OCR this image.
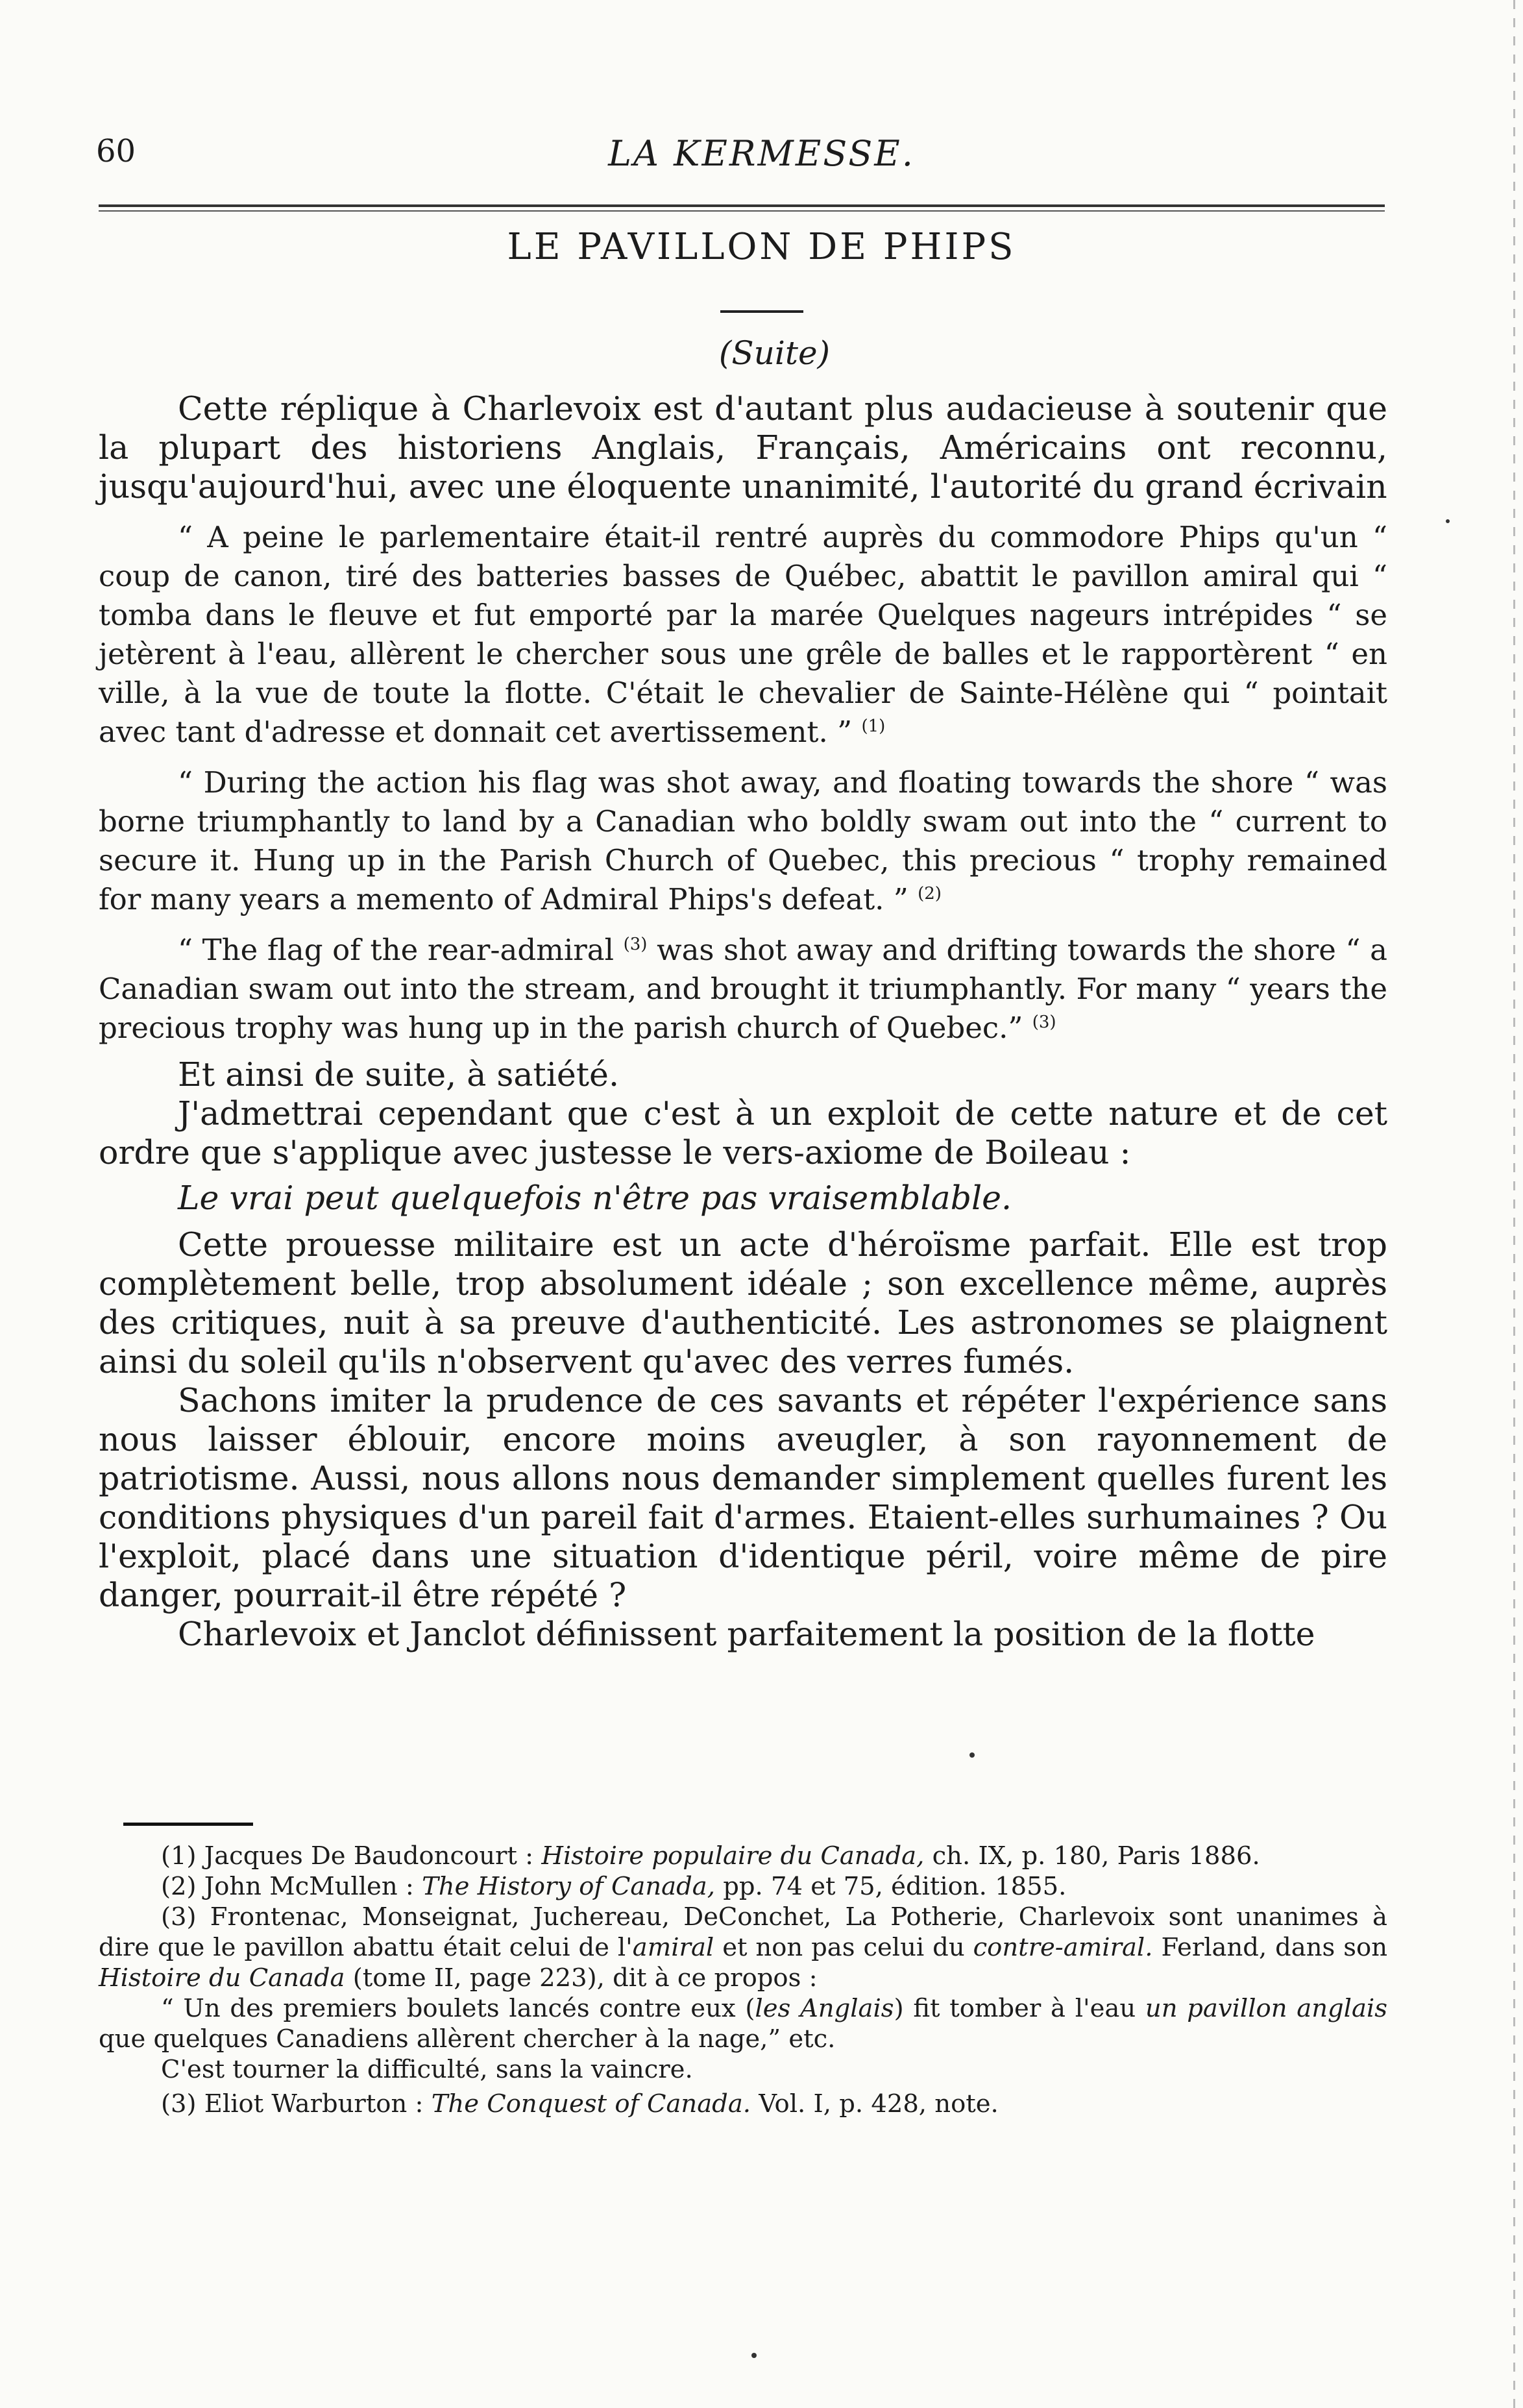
60	LA KERMESSE.
LE PAVILLON DE PHIPS
(Suite)

Cette réplique à Charlevoix est d'autant plus audacieuse à soutenir que la plupart des historiens Anglais, Français, Américains ont reconnu, jusqu'aujourd'hui, avec une éloquente unanimité, l'autorité du grand écrivain

“ A peine le parlementaire était-il rentré auprès du commodore Phips qu'un “ coup de canon, tiré des batteries basses de Québec, abattit le pavillon amiral qui “ tomba dans le fleuve et fut emporté par la marée Quelques nageurs intrépides “ se jetèrent à l'eau, allèrent le chercher sous une grêle de balles et le rapportèrent “ en ville, à la vue de toute la flotte. C'était le chevalier de Sainte-Hélène qui “ pointait avec tant d'adresse et donnait cet avertissement. ” $^{(1)}$

“ During the action his flag was shot away, and floating towards the shore “ was borne triumphantly to land by a Canadian who boldly swam out into the “ current to secure it. Hung up in the Parish Church of Quebec, this precious “ trophy remained for many years a memento of Admiral Phips's defeat. ” $^{(2)}$

“ The flag of the rear-admiral $^{(3)}$ was shot away and drifting towards the shore “ a Canadian swam out into the stream, and brought it triumphantly. For many “ years the precious trophy was hung up in the parish church of Quebec.” $^{(3)}$

Et ainsi de suite, à satiété.

J'admettrai cependant que c'est à un exploit de cette nature et de cet ordre que s'applique avec justesse le vers-axiome de Boileau :

Le vrai peut quelquefois n'être pas vraisemblable.

Cette prouesse militaire est un acte d'héroïsme parfait. Elle est trop complètement belle, trop absolument idéale ; son excellence même, auprès des critiques, nuit à sa preuve d'authenticité. Les astronomes se plaignent ainsi du soleil qu'ils n'observent qu'avec des verres fumés.

Sachons imiter la prudence de ces savants et répéter l'expérience sans nous laisser éblouir, encore moins aveugler, à son rayonnement de patriotisme. Aussi, nous allons nous demander simplement quelles furent les conditions physiques d'un pareil fait d'armes. Etaient-elles surhumaines ? Ou l'exploit, placé dans une situation d'identique péril, voire même de pire danger, pourrait-il être répété ?

Charlevoix et Janclot définissent parfaitement la position de la flotte

(1) Jacques De Baudoncourt : Histoire populaire du Canada, ch. IX, p. 180, Paris 1886.

(2) John McMullen : The History of Canada, pp. 74 et 75, édition. 1855.

(3) Frontenac, Monseignat, Juchereau, DeConchet, La Potherie, Charlevoix sont unanimes à dire que le pavillon abattu était celui de l'amiral et non pas celui du contre-amiral. Ferland, dans son Histoire du Canada (tome II, page 223), dit à ce propos :

“ Un des premiers boulets lancés contre eux (les Anglais) fit tomber à l'eau un pavillon anglais que quelques Canadiens allèrent chercher à la nage,” etc.

C'est tourner la difficulté, sans la vaincre.

(3) Eliot Warburton : The Conquest of Canada. Vol. I, p. 428, note.
